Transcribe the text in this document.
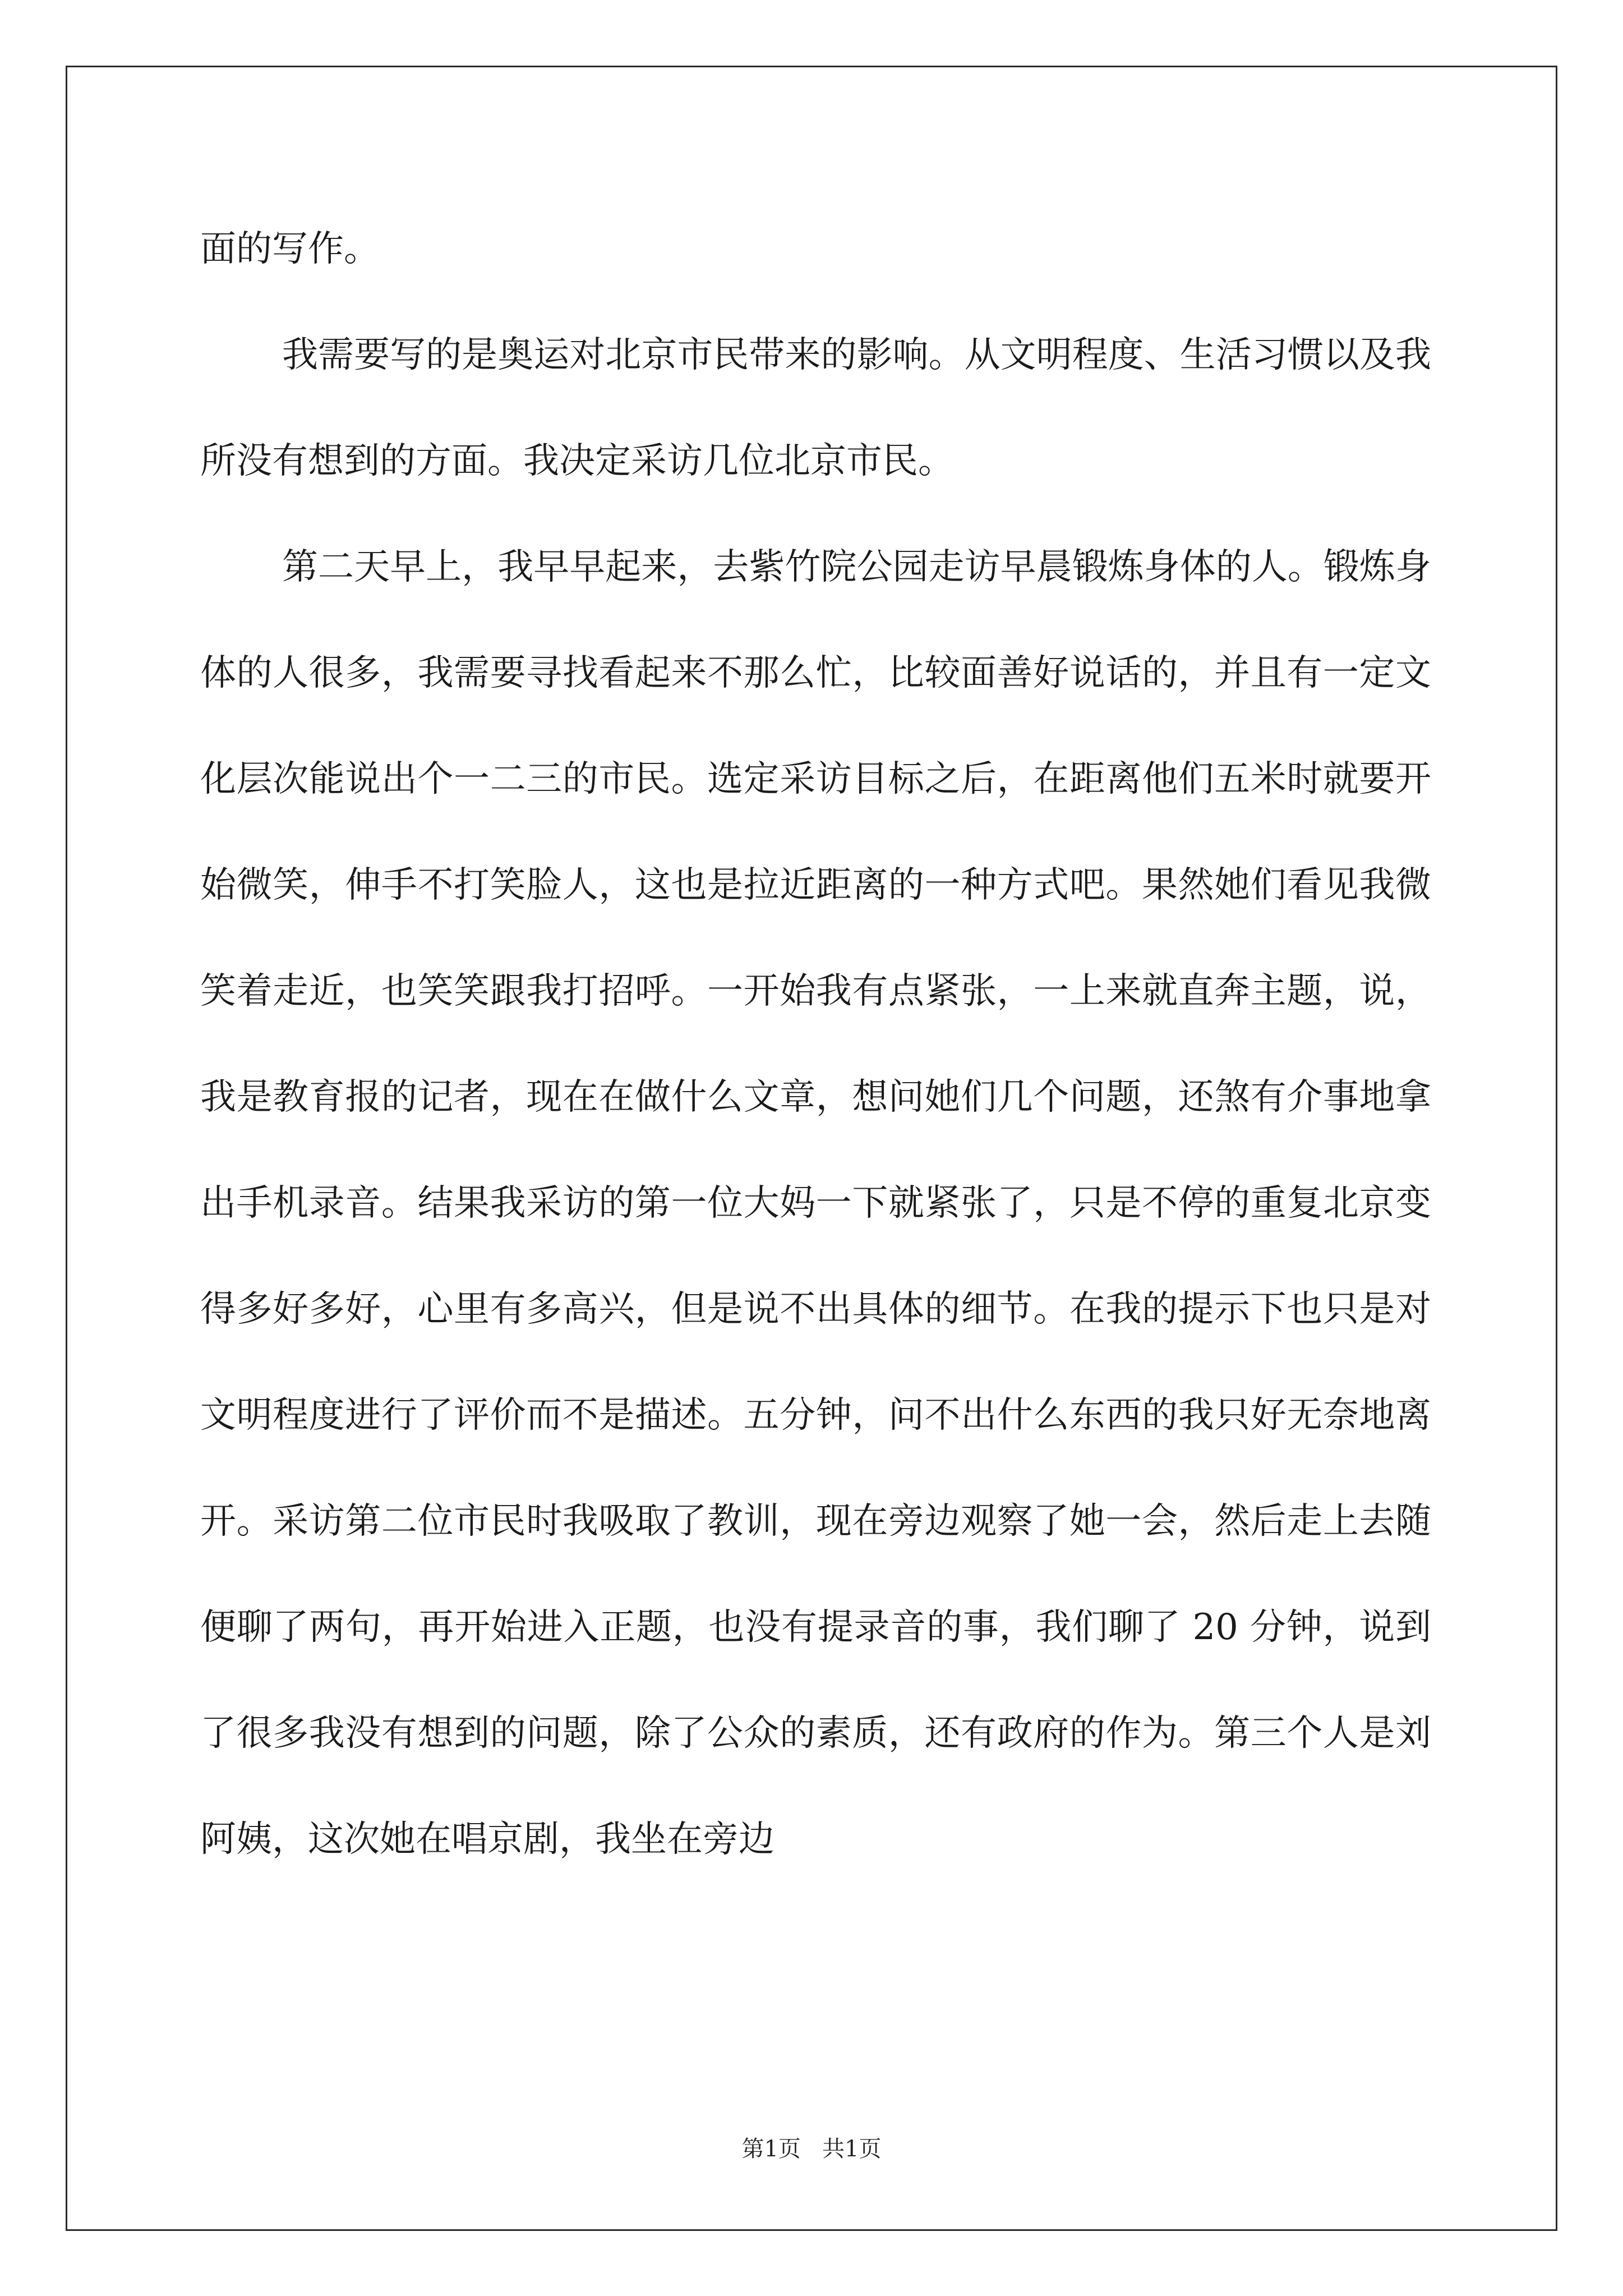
面的写作。

我需要写的是奥运对北京市民带来的影响。从文明程度、生活习惯以及我所没有想到的方面。我决定采访几位北京市民。

第二天早上，我早早起来，去紫竹院公园走访早晨锻炼身体的人。锻炼身体的人很多，我需要寻找看起来不那么忙，比较面善好说话的，并且有一定文化层次能说出个一二三的市民。选定采访目标之后，在距离他们五米时就要开始微笑，伸手不打笑脸人，这也是拉近距离的一种方式吧。果然她们看见我微笑着走近，也笑笑跟我打招呼。一开始我有点紧张，一上来就直奔主题，说，我是教育报的记者，现在在做什么文章，想问她们几个问题，还煞有介事地拿出手机录音。结果我采访的第一位大妈一下就紧张了，只是不停的重复北京变得多好多好，心里有多高兴，但是说不出具体的细节。在我的提示下也只是对文明程度进行了评价而不是描述。五分钟，问不出什么东西的我只好无奈地离开。采访第二位市民时我吸取了教训，现在旁边观察了她一会，然后走上去随便聊了两句，再开始进入正题，也没有提录音的事，我们聊了 20 分钟，说到了很多我没有想到的问题，除了公众的素质，还有政府的作为。第三个人是刘阿姨，这次她在唱京剧，我坐在旁边

第1页   共1页
